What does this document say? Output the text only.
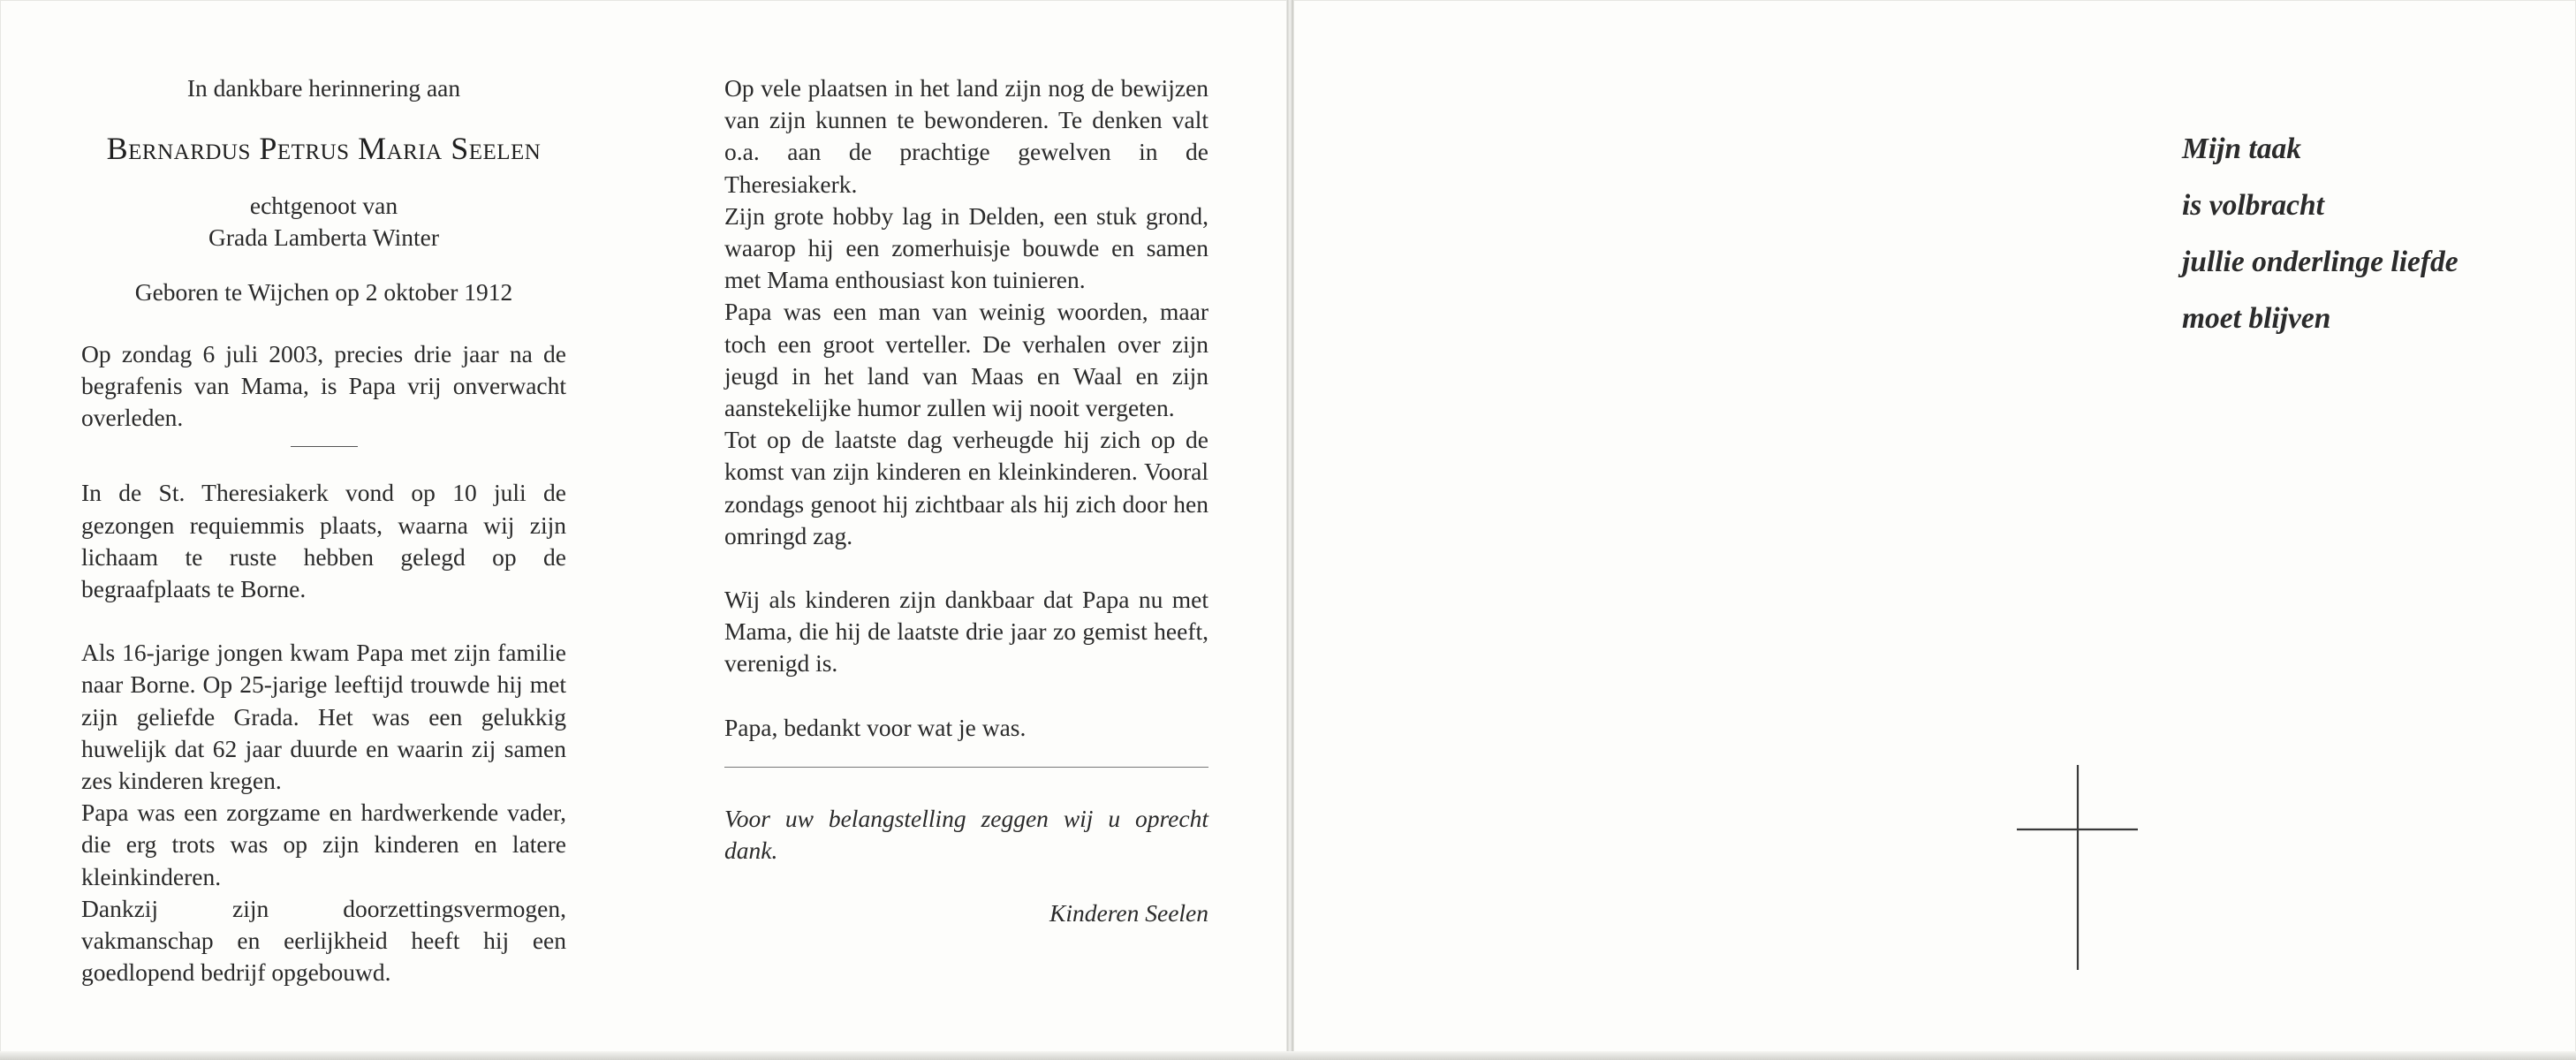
In dankbare herinnering aan
Bernardus Petrus Maria Seelen
echtgenoot van
Grada Lamberta Winter
Geboren te Wijchen op 2 oktober 1912

Op zondag 6 juli 2003, precies drie jaar na de begrafenis van Mama, is Papa vrij onverwacht overleden.

In de St. Theresiakerk vond op 10 juli de gezongen requiemmis plaats, waarna wij zijn lichaam te ruste hebben gelegd op de begraafplaats te Borne.

Als 16-jarige jongen kwam Papa met zijn familie naar Borne. Op 25-jarige leeftijd trouwde hij met zijn geliefde Grada. Het was een gelukkig huwelijk dat 62 jaar duurde en waarin zij samen zes kinderen kregen.

Papa was een zorgzame en hardwerkende vader, die erg trots was op zijn kinderen en latere kleinkinderen.

Dankzij zijn doorzettingsvermogen, vakmanschap en eerlijkheid heeft hij een goedlopend bedrijf opgebouwd.

Op vele plaatsen in het land zijn nog de bewijzen van zijn kunnen te bewonderen. Te denken valt o.a. aan de prachtige gewelven in de Theresiakerk.

Zijn grote hobby lag in Delden, een stuk grond, waarop hij een zomerhuisje bouwde en samen met Mama enthousiast kon tuinieren.

Papa was een man van weinig woorden, maar toch een groot verteller. De verhalen over zijn jeugd in het land van Maas en Waal en zijn aanstekelijke humor zullen wij nooit vergeten.

Tot op de laatste dag verheugde hij zich op de komst van zijn kinderen en kleinkinderen. Vooral zondags genoot hij zichtbaar als hij zich door hen omringd zag.

Wij als kinderen zijn dankbaar dat Papa nu met Mama, die hij de laatste drie jaar zo gemist heeft, verenigd is.

Papa, bedankt voor wat je was.

Voor uw belangstelling zeggen wij u oprecht dank.

Kinderen Seelen

Mijn taak
is volbracht
jullie onderlinge liefde
moet blijven
